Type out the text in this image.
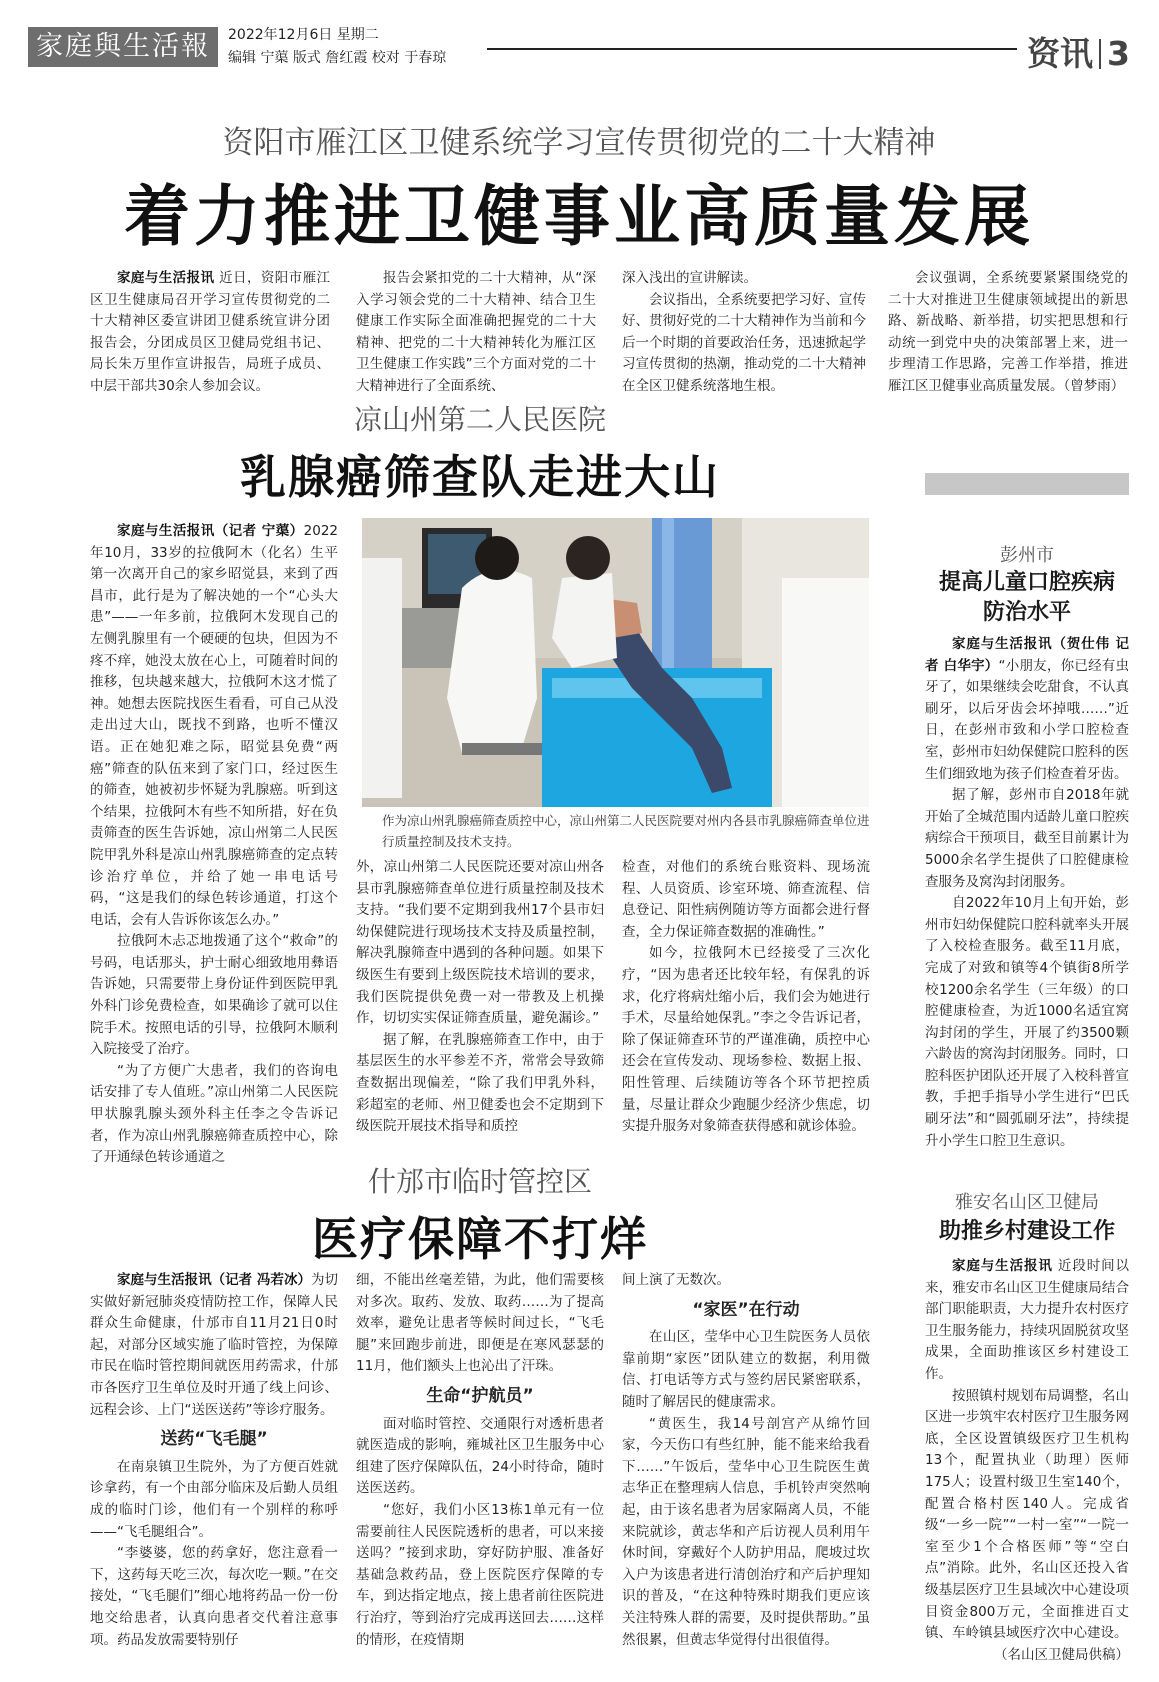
家庭與生活報	2022年12月6日 星期二
编辑 宁蕖 版式 詹红霞 校对 于春琼	资讯 3
资阳市雁江区卫健系统学习宣传贯彻党的二十大精神
着力推进卫健事业高质量发展

家庭与生活报讯 近日，资阳市雁江区卫生健康局召开学习宣传贯彻党的二十大精神区委宣讲团卫健系统宣讲分团报告会，分团成员区卫健局党组书记、局长朱万里作宣讲报告，局班子成员、中层干部共30余人参加会议。

报告会紧扣党的二十大精神，从“深入学习领会党的二十大精神、结合卫生健康工作实际全面准确把握党的二十大精神、把党的二十大精神转化为雁江区卫生健康工作实践”三个方面对党的二十大精神进行了全面系统、

深入浅出的宣讲解读。

会议指出，全系统要把学习好、宣传好、贯彻好党的二十大精神作为当前和今后一个时期的首要政治任务，迅速掀起学习宣传贯彻的热潮，推动党的二十大精神在全区卫健系统落地生根。

会议强调，全系统要紧紧围绕党的二十大对推进卫生健康领域提出的新思路、新战略、新举措，切实把思想和行动统一到党中央的决策部署上来，进一步理清工作思路，完善工作举措，推进雁江区卫健事业高质量发展。（曾梦雨）

凉山州第二人民医院
乳腺癌筛查队走进大山
作为凉山州乳腺癌筛查质控中心，凉山州第二人民医院要对州内各县市乳腺癌筛查单位进行质量控制及技术支持。

家庭与生活报讯（记者 宁蕖）2022年10月，33岁的拉俄阿木（化名）生平第一次离开自己的家乡昭觉县，来到了西昌市，此行是为了解决她的一个“心头大患”——一年多前，拉俄阿木发现自己的左侧乳腺里有一个硬硬的包块，但因为不疼不痒，她没太放在心上，可随着时间的推移，包块越来越大，拉俄阿木这才慌了神。她想去医院找医生看看，可自己从没走出过大山，既找不到路，也听不懂汉语。正在她犯难之际，昭觉县免费“两癌”筛查的队伍来到了家门口，经过医生的筛查，她被初步怀疑为乳腺癌。听到这个结果，拉俄阿木有些不知所措，好在负责筛查的医生告诉她，凉山州第二人民医院甲乳外科是凉山州乳腺癌筛查的定点转诊治疗单位，并给了她一串电话号码，“这是我们的绿色转诊通道，打这个电话，会有人告诉你该怎么办。”

拉俄阿木忐忑地拨通了这个“救命”的号码，电话那头，护士耐心细致地用彝语告诉她，只需要带上身份证件到医院甲乳外科门诊免费检查，如果确诊了就可以住院手术。按照电话的引导，拉俄阿木顺利入院接受了治疗。

“为了方便广大患者，我们的咨询电话安排了专人值班。”凉山州第二人民医院甲状腺乳腺头颈外科主任李之令告诉记者，作为凉山州乳腺癌筛查质控中心，除了开通绿色转诊通道之

外，凉山州第二人民医院还要对凉山州各县市乳腺癌筛查单位进行质量控制及技术支持。“我们要不定期到我州17个县市妇幼保健院进行现场技术支持及质量控制，解决乳腺筛查中遇到的各种问题。如果下级医生有要到上级医院技术培训的要求，我们医院提供免费一对一带教及上机操作，切切实实保证筛查质量，避免漏诊。”

据了解，在乳腺癌筛查工作中，由于基层医生的水平参差不齐，常常会导致筛查数据出现偏差，“除了我们甲乳外科，彩超室的老师、州卫健委也会不定期到下级医院开展技术指导和质控

检查，对他们的系统台账资料、现场流程、人员资质、诊室环境、筛查流程、信息登记、阳性病例随访等方面都会进行督查，全力保证筛查数据的准确性。”

如今，拉俄阿木已经接受了三次化疗，“因为患者还比较年轻，有保乳的诉求，化疗将病灶缩小后，我们会为她进行手术，尽量给她保乳。”李之令告诉记者，除了保证筛查环节的严谨准确，质控中心还会在宣传发动、现场参检、数据上报、阳性管理、后续随访等各个环节把控质量，尽量让群众少跑腿少经济少焦虑，切实提升服务对象筛查获得感和就诊体验。

彭州市
提高儿童口腔疾病
防治水平

家庭与生活报讯（贺仕伟 记者 白华宇）“小朋友，你已经有虫牙了，如果继续会吃甜食，不认真刷牙，以后牙齿会坏掉哦……”近日，在彭州市致和小学口腔检查室，彭州市妇幼保健院口腔科的医生们细致地为孩子们检查着牙齿。

据了解，彭州市自2018年就开始了全城范围内适龄儿童口腔疾病综合干预项目，截至目前累计为5000余名学生提供了口腔健康检查服务及窝沟封闭服务。

自2022年10月上旬开始，彭州市妇幼保健院口腔科就率头开展了入校检查服务。截至11月底，完成了对致和镇等4个镇街8所学校1200余名学生（三年级）的口腔健康检查，为近1000名适宜窝沟封闭的学生，开展了约3500颗六龄齿的窝沟封闭服务。同时，口腔科医护团队还开展了入校科普宣教，手把手指导小学生进行“巴氏刷牙法”和“圆弧刷牙法”，持续提升小学生口腔卫生意识。

雅安名山区卫健局
助推乡村建设工作

家庭与生活报讯 近段时间以来，雅安市名山区卫生健康局结合部门职能职责，大力提升农村医疗卫生服务能力，持续巩固脱贫攻坚成果，全面助推该区乡村建设工作。

按照镇村规划布局调整，名山区进一步筑牢农村医疗卫生服务网底，全区设置镇级医疗卫生机构13个，配置执业（助理）医师175人；设置村级卫生室140个，配置合格村医140人。完成省级“一乡一院”“一村一室”“一院一室至少1个合格医师”等“空白点”消除。此外，名山区还投入省级基层医疗卫生县域次中心建设项目资金800万元，全面推进百丈镇、车岭镇县域医疗次中心建设。

（名山区卫健局供稿）

什邡市临时管控区
医疗保障不打烊

家庭与生活报讯（记者 冯若冰）为切实做好新冠肺炎疫情防控工作，保障人民群众生命健康，什邡市自11月21日0时起，对部分区域实施了临时管控，为保障市民在临时管控期间就医用药需求，什邡市各医疗卫生单位及时开通了线上问诊、远程会诊、上门“送医送药”等诊疗服务。

送药“飞毛腿”

在南泉镇卫生院外，为了方便百姓就诊拿药，有一个由部分临床及后勤人员组成的临时门诊，他们有一个别样的称呼——“飞毛腿组合”。

“李婆婆，您的药拿好，您注意看一下，这药每天吃三次，每次吃一颗。”在交接处，“飞毛腿们”细心地将药品一份一份地交给患者，认真向患者交代着注意事项。药品发放需要特别仔

细，不能出丝毫差错，为此，他们需要核对多次。取药、发放、取药……为了提高效率，避免让患者等候时间过长，“飞毛腿”来回跑步前进，即便是在寒风瑟瑟的11月，他们额头上也沁出了汗珠。

生命“护航员”

面对临时管控、交通限行对透析患者就医造成的影响，雍城社区卫生服务中心组建了医疗保障队伍，24小时待命，随时送医送药。

“您好，我们小区13栋1单元有一位需要前往人民医院透析的患者，可以来接送吗？”接到求助，穿好防护服、准备好基础急救药品，登上医院医疗保障的专车，到达指定地点，接上患者前往医院进行治疗，等到治疗完成再送回去……这样的情形，在疫情期

间上演了无数次。

“家医”在行动

在山区，莹华中心卫生院医务人员依靠前期“家医”团队建立的数据，利用微信、打电话等方式与签约居民紧密联系，随时了解居民的健康需求。

“黄医生，我14号剖宫产从绵竹回家，今天伤口有些红肿，能不能来给我看下……”午饭后，莹华中心卫生院医生黄志华正在整理病人信息，手机铃声突然响起，由于该名患者为居家隔离人员，不能来院就诊，黄志华和产后访视人员利用午休时间，穿戴好个人防护用品，爬坡过坎入户为该患者进行清创治疗和产后护理知识的普及，“在这种特殊时期我们更应该关注特殊人群的需要，及时提供帮助。”虽然很累，但黄志华觉得付出很值得。
